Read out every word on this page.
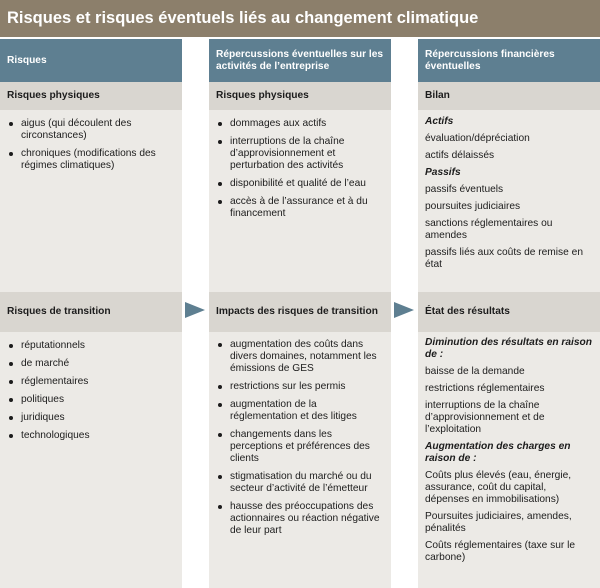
Risques et risques éventuels liés au changement climatique
Risques
Risques physiques
aigus (qui découlent des circonstances)
chroniques (modifications des régimes climatiques)
Risques de transition
réputationnels
de marché
réglementaires
politiques
juridiques
technologiques
Répercussions éventuelles sur les activités de l’entreprise
Risques physiques
dommages aux actifs
interruptions de la chaîne d’approvisionnement et perturbation des activités
disponibilité et qualité de l’eau
accès à de l’assurance et à du financement
Impacts des risques de transition
augmentation des coûts dans divers domaines, notamment les émissions de GES
restrictions sur les permis
augmentation de la réglementation et des litiges
changements dans les perceptions et préférences des clients
stigmatisation du marché ou du secteur d’activité de l’émetteur
hausse des préoccupations des actionnaires ou réaction négative de leur part
Répercussions financières éventuelles
Bilan
Actifs
évaluation/dépréciation
actifs délaissés
Passifs
passifs éventuels
poursuites judiciaires
sanctions réglementaires ou amendes
passifs liés aux coûts de remise en état
État des résultats
Diminution des résultats en raison de :
baisse de la demande
restrictions réglementaires
interruptions de la chaîne d’approvisionnement et de l’exploitation
Augmentation des charges en raison de :
Coûts plus élevés (eau, énergie, assurance, coût du capital, dépenses en immobilisations)
Poursuites judiciaires, amendes, pénalités
Coûts réglementaires (taxe sur le carbone)
